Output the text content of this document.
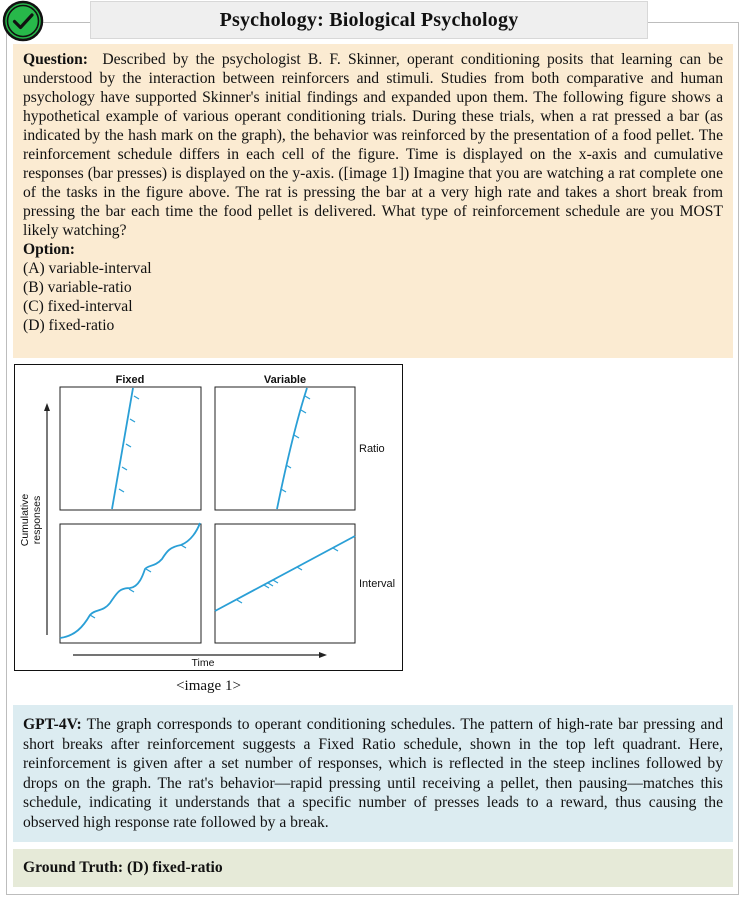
Psychology: Biological Psychology

Question: Described by the psychologist B. F. Skinner, operant conditioning posits that learning can be understood by the interaction between reinforcers and stimuli. Studies from both comparative and human psychology have supported Skinner's initial findings and expanded upon them. The following figure shows a hypothetical example of various operant conditioning trials. During these trials, when a rat pressed a bar (as indicated by the hash mark on the graph), the behavior was reinforced by the presentation of a food pellet. The reinforcement schedule differs in each cell of the figure. Time is displayed on the x-axis and cumulative responses (bar presses) is displayed on the y-axis. ([image 1]) Imagine that you are watching a rat complete one of the tasks in the figure above. The rat is pressing the bar at a very high rate and takes a short break from pressing the bar each time the food pellet is delivered. What type of reinforcement schedule are you MOST likely watching?

Option:
(A) variable-interval
(B) variable-ratio
(C) fixed-interval
(D) fixed-ratio
Fixed	Variable
Ratio
Interval
Cumulative responses
Time
<image 1>
GPT-4V: The graph corresponds to operant conditioning schedules. The pattern of high-rate bar pressing and short breaks after reinforcement suggests a Fixed Ratio schedule, shown in the top left quadrant. Here, reinforcement is given after a set number of responses, which is reflected in the steep inclines followed by drops on the graph. The rat's behavior—rapid pressing until receiving a pellet, then pausing—matches this schedule, indicating it understands that a specific number of presses leads to a reward, thus causing the observed high response rate followed by a break.
Ground Truth: (D) fixed-ratio
